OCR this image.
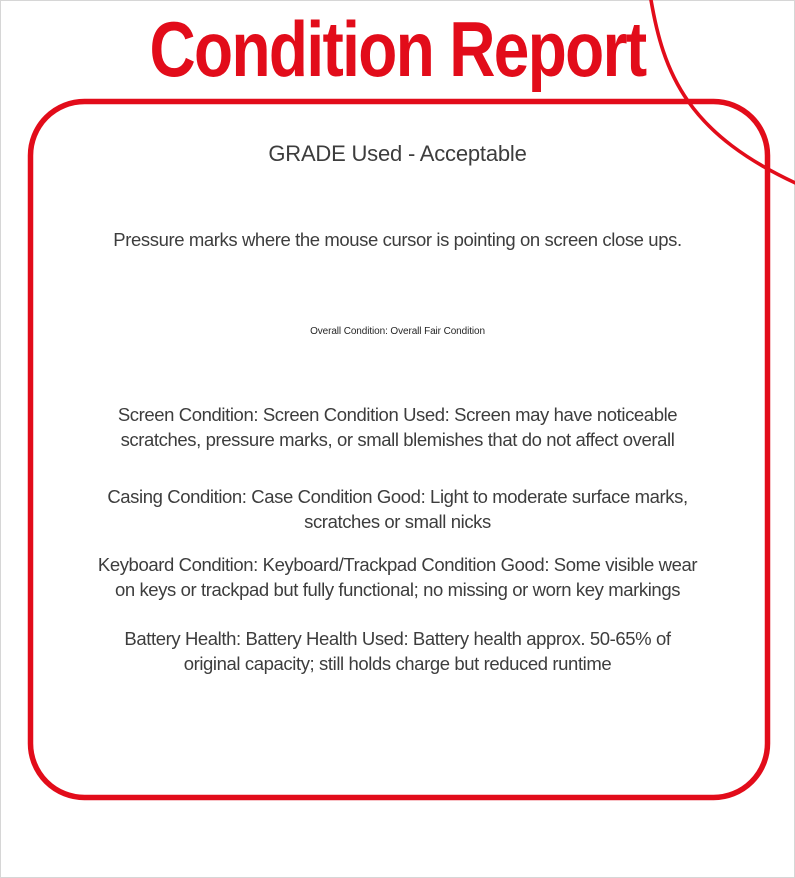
Condition Report
GRADE Used - Acceptable
Pressure marks where the mouse cursor is pointing on screen close ups.
Overall Condition: Overall Fair Condition
Screen Condition: Screen Condition Used: Screen may have noticeable
scratches, pressure marks, or small blemishes that do not affect overall
Casing Condition: Case Condition Good: Light to moderate surface marks,
scratches or small nicks
Keyboard Condition: Keyboard/Trackpad Condition Good: Some visible wear
on keys or trackpad but fully functional; no missing or worn key markings
Battery Health: Battery Health Used: Battery health approx. 50-65% of
original capacity; still holds charge but reduced runtime
